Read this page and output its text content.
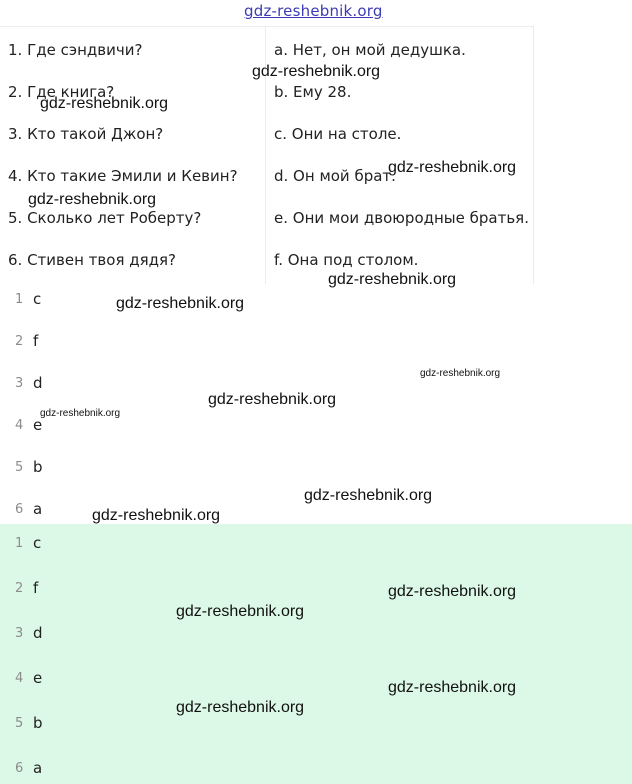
gdz-reshebnik.org
1. Где сэндвичи?
2. Где книга?
3. Кто такой Джон?
4. Кто такие Эмили и Кевин?
5. Сколько лет Роберту?
6. Стивен твоя дядя?
a. Нет, он мой дедушка.
b. Ему 28.
c. Они на столе.
d. Он мой брат.
e. Они мои двоюродные братья.
f. Она под столом.
1 c
2 f
3 d
4 e
5 b
6 a
1 c
2 f
3 d
4 e
5 b
6 a
gdz-reshebnik.org
gdz-reshebnik.org
gdz-reshebnik.org
gdz-reshebnik.org
gdz-reshebnik.org
gdz-reshebnik.org
gdz-reshebnik.org
gdz-reshebnik.org
gdz-reshebnik.org
gdz-reshebnik.org
gdz-reshebnik.org
gdz-reshebnik.org
gdz-reshebnik.org
gdz-reshebnik.org
gdz-reshebnik.org
